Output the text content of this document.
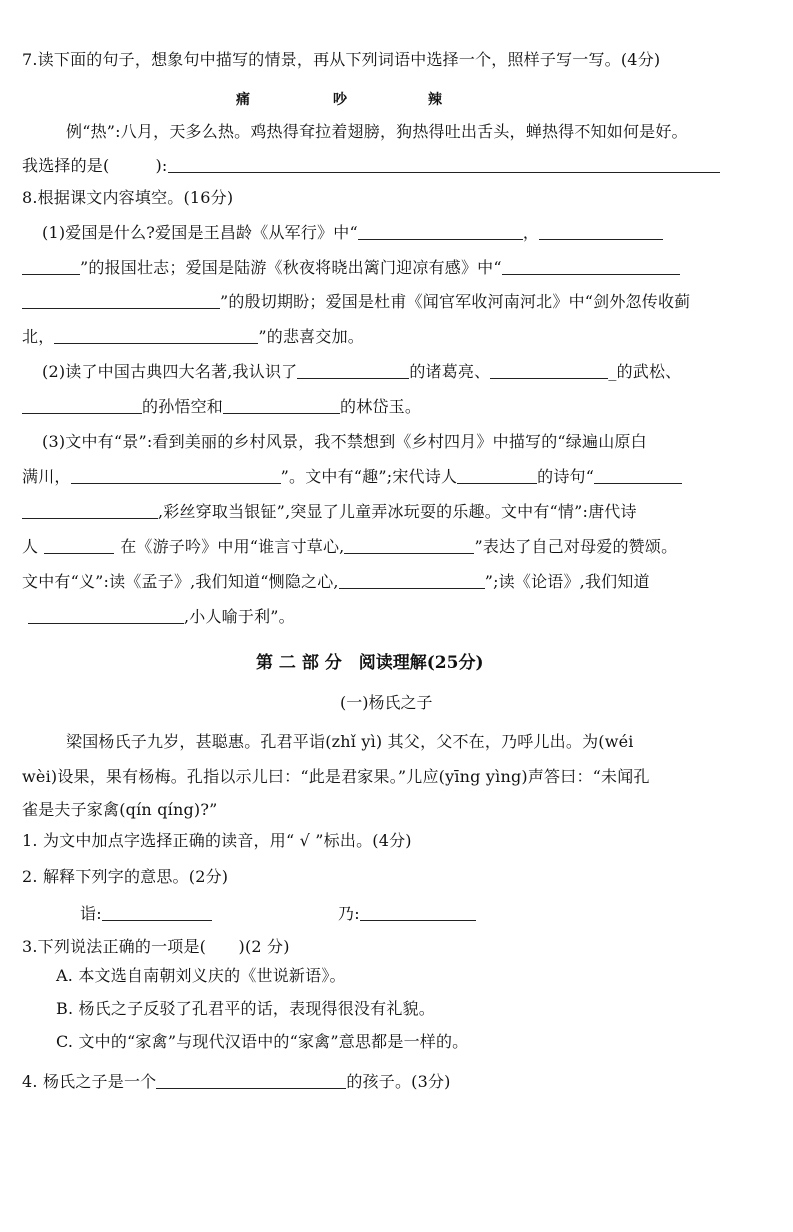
7.读下面的句子，想象句中描写的情景，再从下列词语中选择一个，照样子写一写。(4分)
痛	吵	辣
例“热”:八月，天多么热。鸡热得耷拉着翅膀，狗热得吐出舌头，蝉热得不知如何是好。
我选择的是(	):
8.根据课文内容填空。(16分)
(1)爱国是什么?爱国是王昌龄《从军行》中“	，
”的报国壮志；爱国是陆游《秋夜将晓出篱门迎凉有感》中“
”的殷切期盼；爱国是杜甫《闻官军收河南河北》中“剑外忽传收蓟
北，	”的悲喜交加。
(2)读了中国古典四大名著,我认识了	的诸葛亮、	_的武松、
的孙悟空和	的林岱玉。
(3)文中有“景”:看到美丽的乡村风景，我不禁想到《乡村四月》中描写的“绿遍山原白
满川，	”。文中有“趣”;宋代诗人	的诗句“
,彩丝穿取当银钲”,突显了儿童弄冰玩耍的乐趣。文中有“情”:唐代诗
人	在《游子吟》中用“谁言寸草心,	”表达了自己对母爱的赞颂。
文中有“义”:读《孟子》,我们知道“恻隐之心,	”;读《论语》,我们知道
,小人喻于利”。
第 二 部 分　阅读理解(25分)
(一)杨氏之子
梁国杨氏子九岁，甚聪惠。孔君平诣(zhǐ yì) 其父，父不在，乃呼儿出。为(wéi
wèi)设果，果有杨梅。孔指以示儿曰：“此是君家果。”儿应(yīng yìng)声答曰：“未闻孔
雀是夫子家禽(qín qíng)?”
1. 为文中加点字选择正确的读音，用“ √ ”标出。(4分)
2. 解释下列字的意思。(2分)
诣:	乃:
3.下列说法正确的一项是(　　)(2 分)
A. 本文选自南朝刘义庆的《世说新语》。
B. 杨氏之子反驳了孔君平的话，表现得很没有礼貌。
C. 文中的“家禽”与现代汉语中的“家禽”意思都是一样的。
4. 杨氏之子是一个	的孩子。(3分)
